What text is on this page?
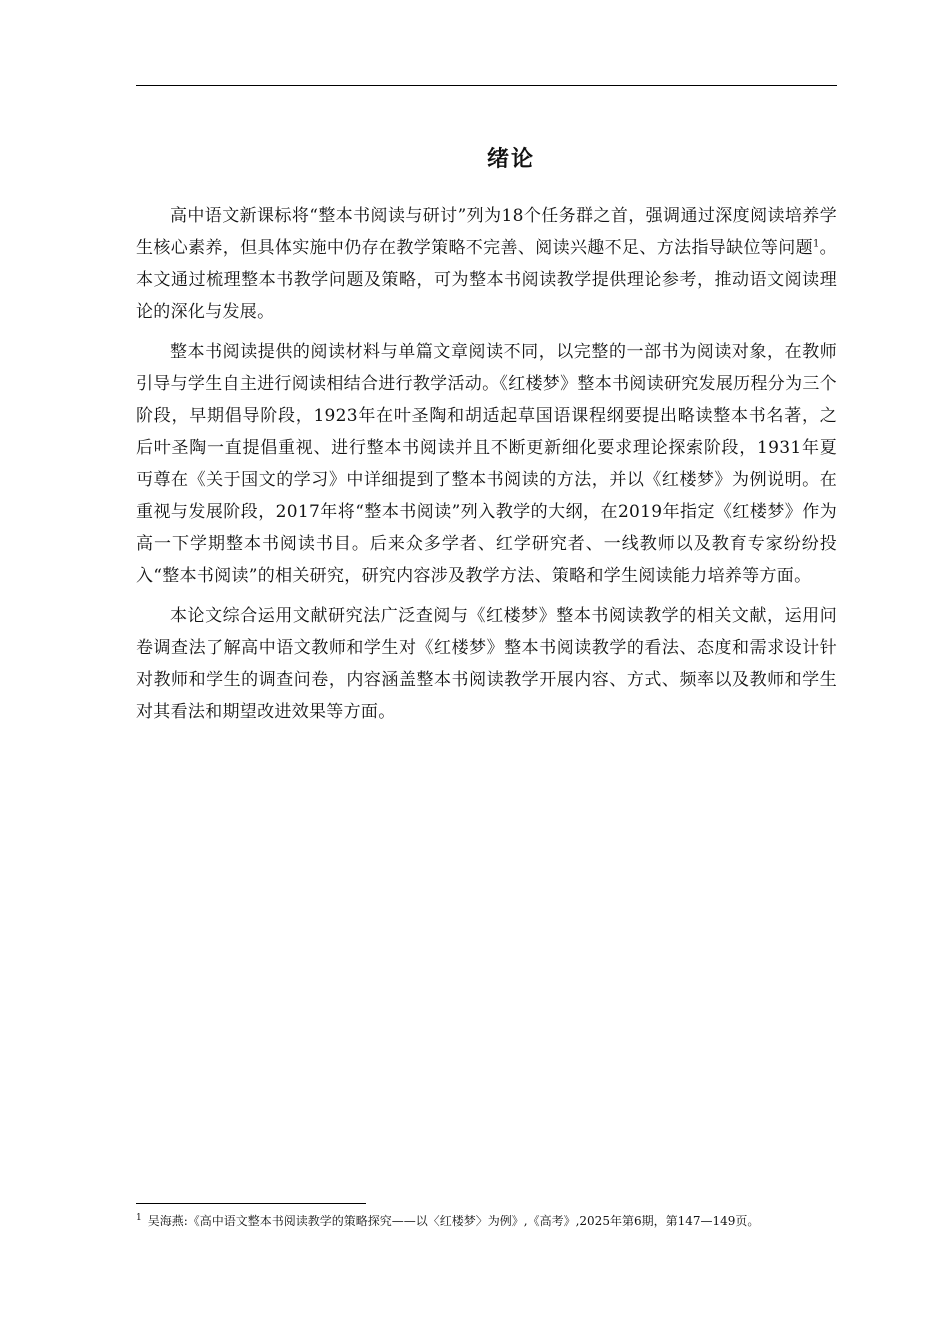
绪论

高中语文新课标将“整本书阅读与研讨”列为18个任务群之首，强调通过深度阅读培养学生核心素养，但具体实施中仍存在教学策略不完善、阅读兴趣不足、方法指导缺位等问题$^1$。本文通过梳理整本书教学问题及策略，可为整本书阅读教学提供理论参考，推动语文阅读理论的深化与发展。

整本书阅读提供的阅读材料与单篇文章阅读不同，以完整的一部书为阅读对象，在教师引导与学生自主进行阅读相结合进行教学活动。《红楼梦》整本书阅读研究发展历程分为三个阶段，早期倡导阶段，1923年在叶圣陶和胡适起草国语课程纲要提出略读整本书名著，之后叶圣陶一直提倡重视、进行整本书阅读并且不断更新细化要求理论探索阶段，1931年夏丏尊在《关于国文的学习》中详细提到了整本书阅读的方法，并以《红楼梦》为例说明。在重视与发展阶段，2017年将“整本书阅读”列入教学的大纲，在2019年指定《红楼梦》作为高一下学期整本书阅读书目。后来众多学者、红学研究者、一线教师以及教育专家纷纷投入“整本书阅读”的相关研究，研究内容涉及教学方法、策略和学生阅读能力培养等方面。

本论文综合运用文献研究法广泛查阅与《红楼梦》整本书阅读教学的相关文献，运用问卷调查法了解高中语文教师和学生对《红楼梦》整本书阅读教学的看法、态度和需求设计针对教师和学生的调查问卷，内容涵盖整本书阅读教学开展内容、方式、频率以及教师和学生对其看法和期望改进效果等方面。

$^1$ 吴海燕:《高中语文整本书阅读教学的策略探究——以〈红楼梦〉为例》,《高考》,2025年第6期，第147—149页。
